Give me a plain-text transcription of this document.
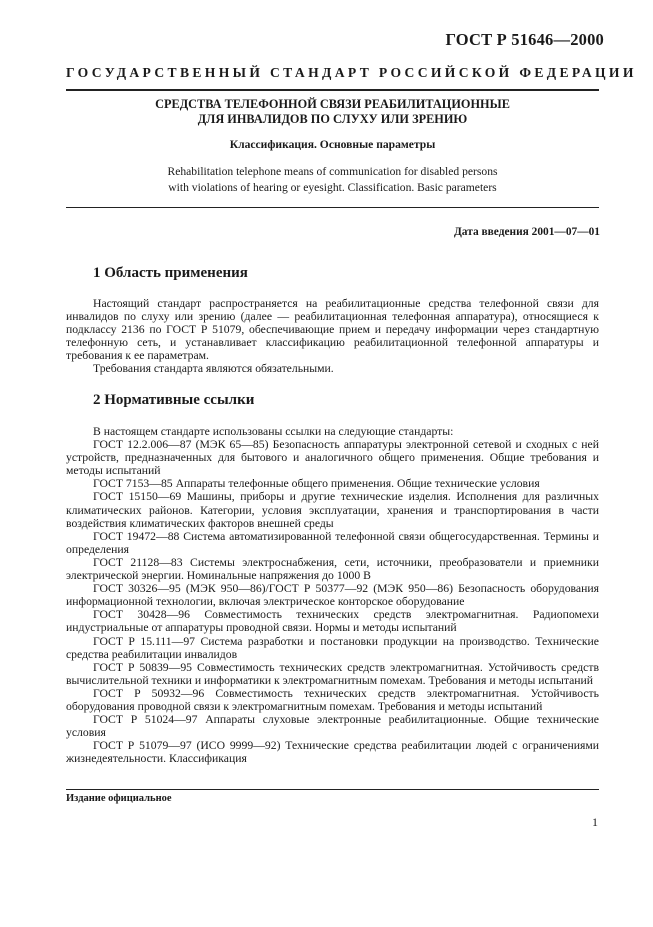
ГОСТ Р 51646—2000
ГОСУДАРСТВЕННЫЙ СТАНДАРТ РОССИЙСКОЙ ФЕДЕРАЦИИ
СРЕДСТВА ТЕЛЕФОННОЙ СВЯЗИ РЕАБИЛИТАЦИОННЫЕ
ДЛЯ ИНВАЛИДОВ ПО СЛУХУ ИЛИ ЗРЕНИЮ
Классификация. Основные параметры
Rehabilitation telephone means of communication for disabled persons
with violations of hearing or eyesight. Classification. Basic parameters
Дата введения 2001—07—01
1 Область применения

Настоящий стандарт распространяется на реабилитационные средства телефонной связи для инвалидов по слуху или зрению (далее — реабилитационная телефонная аппаратура), относящиеся к подклассу 2136 по ГОСТ Р 51079, обеспечивающие прием и передачу информации через стандартную телефонную сеть, и устанавливает классификацию реабилитационной телефонной аппаратуры и требования к ее параметрам.

Требования стандарта являются обязательными.

2 Нормативные ссылки

В настоящем стандарте использованы ссылки на следующие стандарты:

ГОСТ 12.2.006—87 (МЭК 65—85) Безопасность аппаратуры электронной сетевой и сходных с ней устройств, предназначенных для бытового и аналогичного общего применения. Общие требования и методы испытаний

ГОСТ 7153—85 Аппараты телефонные общего применения. Общие технические условия

ГОСТ 15150—69 Машины, приборы и другие технические изделия. Исполнения для различных климатических районов. Категории, условия эксплуатации, хранения и транспортирования в части воздействия климатических факторов внешней среды

ГОСТ 19472—88 Система автоматизированной телефонной связи общегосударственная. Термины и определения

ГОСТ 21128—83 Системы электроснабжения, сети, источники, преобразователи и приемники электрической энергии. Номинальные напряжения до 1000 В

ГОСТ 30326—95 (МЭК 950—86)/ГОСТ Р 50377—92 (МЭК 950—86) Безопасность оборудования информационной технологии, включая электрическое конторское оборудование

ГОСТ 30428—96 Совместимость технических средств электромагнитная. Радиопомехи индустриальные от аппаратуры проводной связи. Нормы и методы испытаний

ГОСТ Р 15.111—97 Система разработки и постановки продукции на производство. Технические средства реабилитации инвалидов

ГОСТ Р 50839—95 Совместимость технических средств электромагнитная. Устойчивость средств вычислительной техники и информатики к электромагнитным помехам. Требования и методы испытаний

ГОСТ Р 50932—96 Совместимость технических средств электромагнитная. Устойчивость оборудования проводной связи к электромагнитным помехам. Требования и методы испытаний

ГОСТ Р 51024—97 Аппараты слуховые электронные реабилитационные. Общие технические условия

ГОСТ Р 51079—97 (ИСО 9999—92) Технические средства реабилитации людей с ограничениями жизнедеятельности. Классификация

Издание официальное
1
